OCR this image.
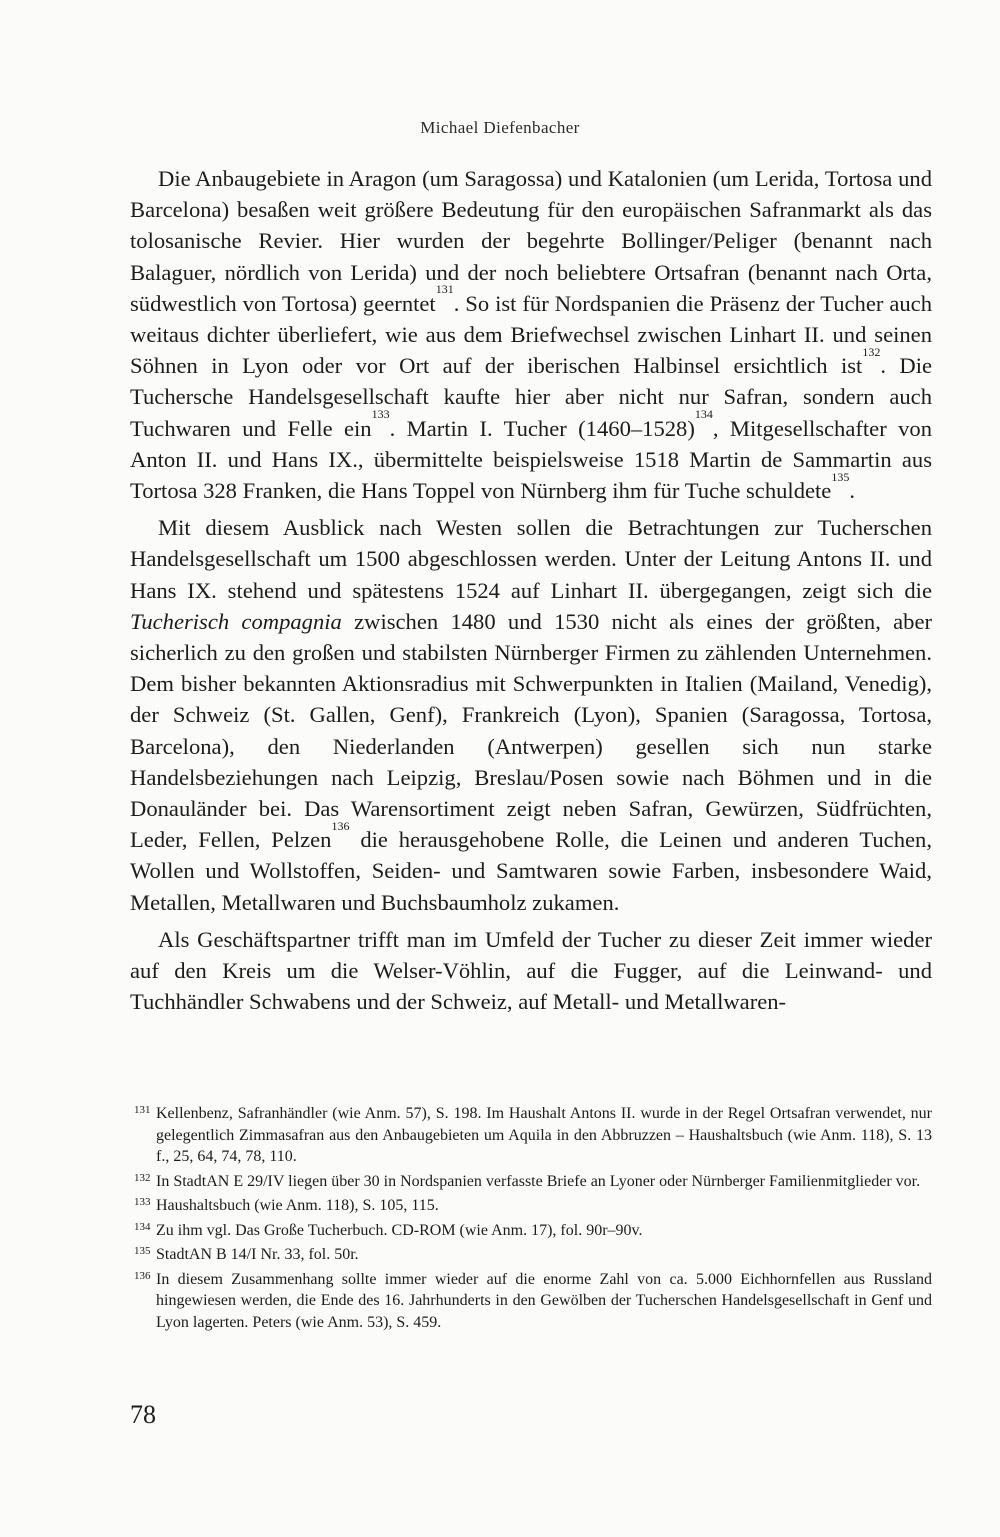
Michael Diefenbacher

Die Anbaugebiete in Aragon (um Saragossa) und Katalonien (um Lerida, Tortosa und Barcelona) besaßen weit größere Bedeutung für den europäischen Safranmarkt als das tolosanische Revier. Hier wurden der begehrte Bollinger/Peliger (benannt nach Balaguer, nördlich von Lerida) und der noch beliebtere Ortsafran (benannt nach Orta, südwestlich von Tortosa) geerntet$^{131}$. So ist für Nordspanien die Präsenz der Tucher auch weitaus dichter überliefert, wie aus dem Briefwechsel zwischen Linhart II. und seinen Söhnen in Lyon oder vor Ort auf der iberischen Halbinsel ersichtlich ist$^{132}$. Die Tuchersche Handelsgesellschaft kaufte hier aber nicht nur Safran, sondern auch Tuchwaren und Felle ein$^{133}$. Martin I. Tucher (1460–1528)$^{134}$, Mitgesellschafter von Anton II. und Hans IX., übermittelte beispielsweise 1518 Martin de Sammartin aus Tortosa 328 Franken, die Hans Toppel von Nürnberg ihm für Tuche schuldete$^{135}$.

Mit diesem Ausblick nach Westen sollen die Betrachtungen zur Tucherschen Handelsgesellschaft um 1500 abgeschlossen werden. Unter der Leitung Antons II. und Hans IX. stehend und spätestens 1524 auf Linhart II. übergegangen, zeigt sich die Tucherisch compagnia zwischen 1480 und 1530 nicht als eines der größten, aber sicherlich zu den großen und stabilsten Nürnberger Firmen zu zählenden Unternehmen. Dem bisher bekannten Aktionsradius mit Schwerpunkten in Italien (Mailand, Venedig), der Schweiz (St. Gallen, Genf), Frankreich (Lyon), Spanien (Saragossa, Tortosa, Barcelona), den Niederlanden (Antwerpen) gesellen sich nun starke Handelsbeziehungen nach Leipzig, Breslau/Posen sowie nach Böhmen und in die Donauländer bei. Das Warensortiment zeigt neben Safran, Gewürzen, Südfrüchten, Leder, Fellen, Pelzen$^{136}$ die herausgehobene Rolle, die Leinen und anderen Tuchen, Wollen und Wollstoffen, Seiden- und Samtwaren sowie Farben, insbesondere Waid, Metallen, Metallwaren und Buchsbaumholz zukamen.

Als Geschäftspartner trifft man im Umfeld der Tucher zu dieser Zeit immer wieder auf den Kreis um die Welser-Vöhlin, auf die Fugger, auf die Leinwand- und Tuchhändler Schwabens und der Schweiz, auf Metall- und Metallwaren-

131 Kellenbenz, Safranhändler (wie Anm. 57), S. 198. Im Haushalt Antons II. wurde in der Regel Ortsafran verwendet, nur gelegentlich Zimmasafran aus den Anbaugebieten um Aquila in den Abbruzzen – Haushaltsbuch (wie Anm. 118), S. 13 f., 25, 64, 74, 78, 110.
132 In StadtAN E 29/IV liegen über 30 in Nordspanien verfasste Briefe an Lyoner oder Nürnberger Familienmitglieder vor.
133 Haushaltsbuch (wie Anm. 118), S. 105, 115.
134 Zu ihm vgl. Das Große Tucherbuch. CD-ROM (wie Anm. 17), fol. 90r–90v.
135 StadtAN B 14/I Nr. 33, fol. 50r.
136 In diesem Zusammenhang sollte immer wieder auf die enorme Zahl von ca. 5.000 Eichhornfellen aus Russland hingewiesen werden, die Ende des 16. Jahrhunderts in den Gewölben der Tucherschen Handelsgesellschaft in Genf und Lyon lagerten. Peters (wie Anm. 53), S. 459.
78
